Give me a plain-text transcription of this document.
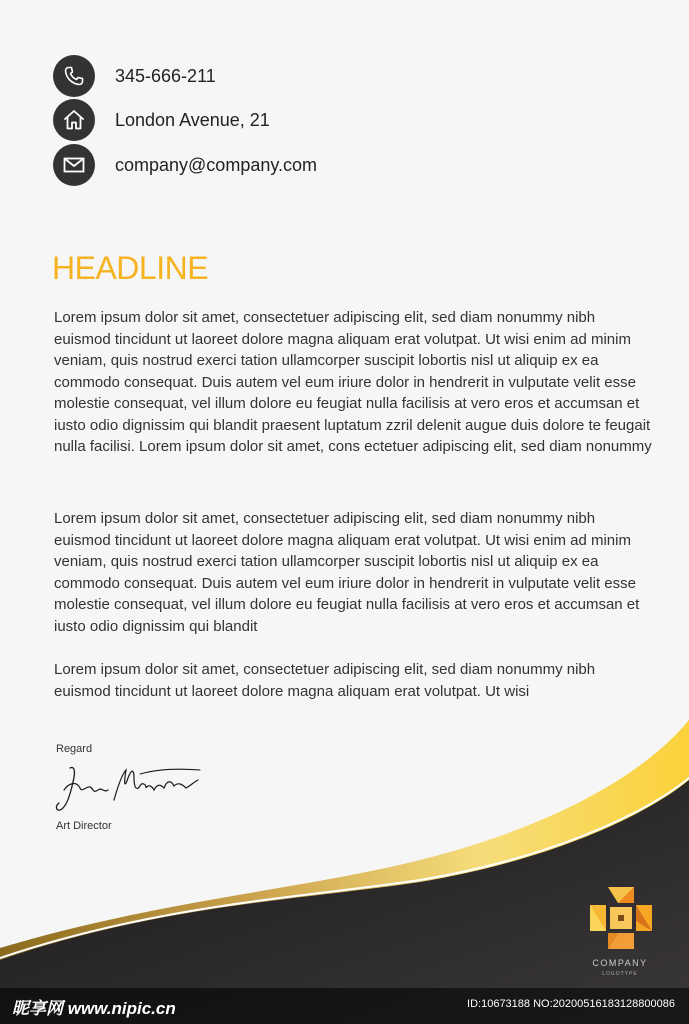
345-666-211
London Avenue, 21
company@company.com
HEADLINE

Lorem ipsum dolor sit amet, consectetuer adipiscing elit, sed diam nonummy nibh euismod tincidunt ut laoreet dolore magna aliquam erat volutpat. Ut wisi enim ad minim veniam, quis nostrud exerci tation ullamcorper suscipit lobortis nisl ut aliquip ex ea commodo consequat. Duis autem vel eum iriure dolor in hendrerit in vulputate velit esse molestie consequat, vel illum dolore eu feugiat nulla facilisis at vero eros et accumsan et iusto odio dignissim qui blandit praesent luptatum zzril delenit augue duis dolore te feugait nulla facilisi. Lorem ipsum dolor sit amet, cons ectetuer adipiscing elit, sed diam nonummy

Lorem ipsum dolor sit amet, consectetuer adipiscing elit, sed diam nonummy nibh euismod tincidunt ut laoreet dolore magna aliquam erat volutpat. Ut wisi enim ad minim veniam, quis nostrud exerci tation ullamcorper suscipit lobortis nisl ut aliquip ex ea commodo consequat. Duis autem vel eum iriure dolor in hendrerit in vulputate velit esse molestie consequat, vel illum dolore eu feugiat nulla facilisis at vero eros et accumsan et iusto odio dignissim qui blandit

Lorem ipsum dolor sit amet, consectetuer adipiscing elit, sed diam nonummy nibh euismod tincidunt ut laoreet dolore magna aliquam erat volutpat. Ut wisi

Regard
Art Director
COMPANY
LOGOTYPE
昵享网 www.nipic.cn	ID:10673188 NO:20200516183128800086
